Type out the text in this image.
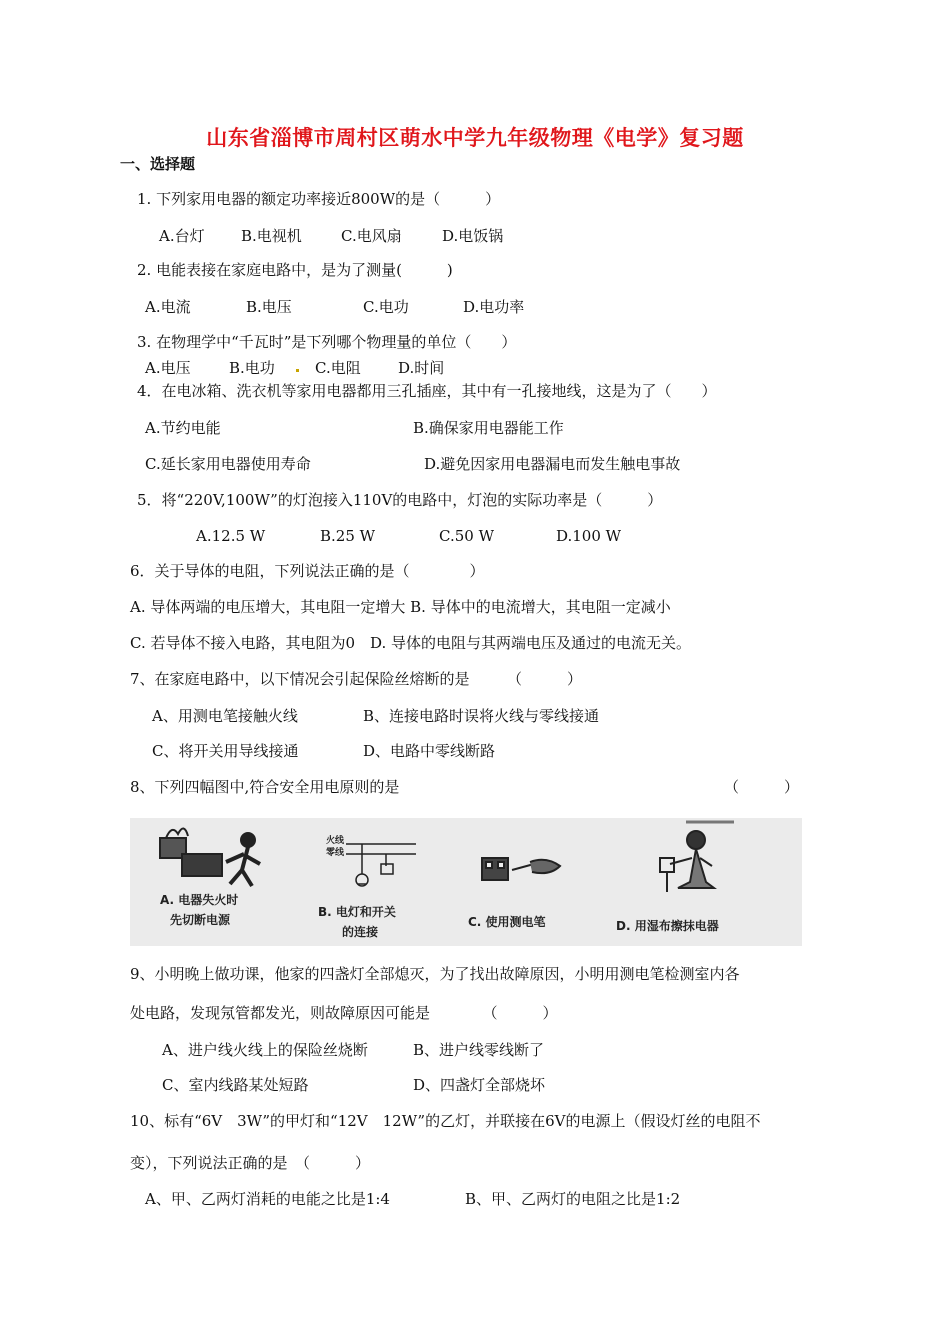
山东省淄博市周村区萌水中学九年级物理《电学》复习题
一、选择题
1. 下列家用电器的额定功率接近800W的是（　　　）
A.台灯 B.电视机	C.电风扇	D.电饭锅
2. 电能表接在家庭电路中，是为了测量(　　　)
A.电流	B.电压	C.电功	D.电功率
3. 在物理学中“千瓦时”是下列哪个物理量的单位（　　）
A.电压	B.电功	C.电阻 D.时间
4．在电冰箱、洗衣机等家用电器都用三孔插座，其中有一孔接地线，这是为了（　　）
A.节约电能	B.确保家用电器能工作
C.延长家用电器使用寿命	D.避免因家用电器漏电而发生触电事故
5．将“220V,100W”的灯泡接入110V的电路中，灯泡的实际功率是（　　　）
A.12.5 W	B.25 W	C.50 W	D.100 W
6．关于导体的电阻，下列说法正确的是（　　　　）
A. 导体两端的电压增大，其电阻一定增大 B. 导体中的电流增大，其电阻一定减小
C. 若导体不接入电路，其电阻为0　D. 导体的电阻与其两端电压及通过的电流无关。
7、在家庭电路中，以下情况会引起保险丝熔断的是　　　（　　　）
A、用测电笔接触火线	B、连接电路时误将火线与零线接通
C、将开关用导线接通	D、电路中零线断路
8、下列四幅图中,符合安全用电原则的是	（　　　）
A. 电器失火时
先切断电源
B. 电灯和开关
的连接
C. 使用测电笔	D. 用湿布擦抹电器
火线
零线
9、小明晚上做功课，他家的四盏灯全部熄灭，为了找出故障原因，小明用测电笔检测室内各
处电路，发现氖管都发光，则故障原因可能是　　　　（　　　）
A、进户线火线上的保险丝烧断	B、进户线零线断了
C、室内线路某处短路	D、四盏灯全部烧坏
10、标有“6V　3W”的甲灯和“12V　12W”的乙灯，并联接在6V的电源上（假设灯丝的电阻不
变），下列说法正确的是　（　　　）
A、甲、乙两灯消耗的电能之比是1:4	B、甲、乙两灯的电阻之比是1:2
